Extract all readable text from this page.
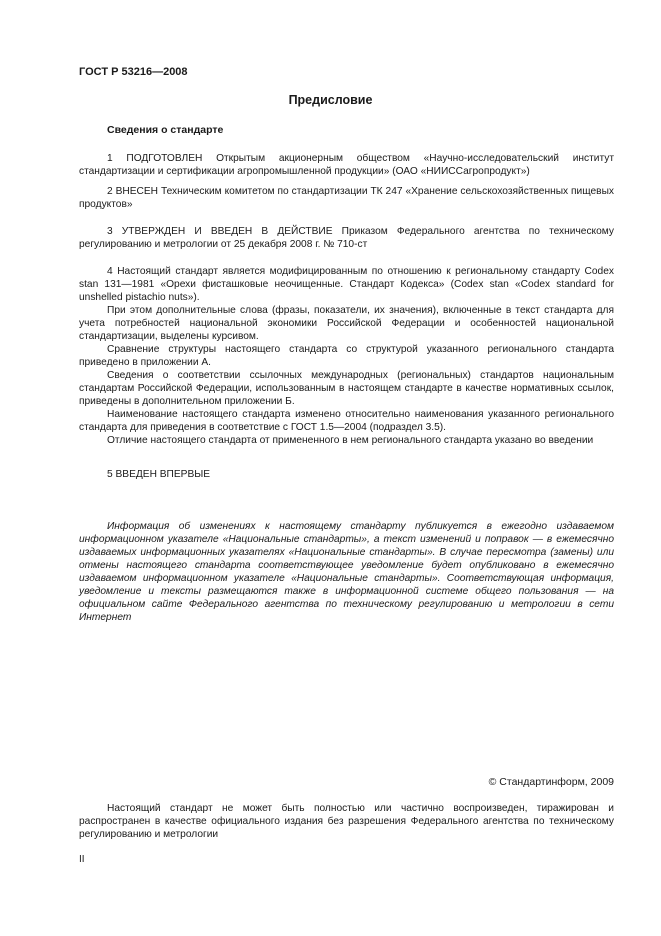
ГОСТ Р 53216—2008
Предисловие
Сведения о стандарте

1 ПОДГОТОВЛЕН Открытым акционерным обществом «Научно-исследовательский институт стандартизации и сертификации агропромышленной продукции» (ОАО «НИИССагропродукт»)

2 ВНЕСЕН Техническим комитетом по стандартизации ТК 247 «Хранение сельскохозяйственных пищевых продуктов»

3 УТВЕРЖДЕН И ВВЕДЕН В ДЕЙСТВИЕ Приказом Федерального агентства по техническому регулированию и метрологии от 25 декабря 2008 г. № 710-ст

4 Настоящий стандарт является модифицированным по отношению к региональному стандарту Codex stan 131—1981 «Орехи фисташковые неочищенные. Стандарт Кодекса» (Codex stan «Codex standard for unshelled pistachio nuts»).

При этом дополнительные слова (фразы, показатели, их значения), включенные в текст стандарта для учета потребностей национальной экономики Российской Федерации и особенностей национальной стандартизации, выделены курсивом.

Сравнение структуры настоящего стандарта со структурой указанного регионального стандарта приведено в приложении А.

Сведения о соответствии ссылочных международных (региональных) стандартов национальным стандартам Российской Федерации, использованным в настоящем стандарте в качестве нормативных ссылок, приведены в дополнительном приложении Б.

Наименование настоящего стандарта изменено относительно наименования указанного регионального стандарта для приведения в соответствие с ГОСТ 1.5—2004 (подраздел 3.5).

Отличие настоящего стандарта от примененного в нем регионального стандарта указано во введении

5 ВВЕДЕН ВПЕРВЫЕ

Информация об изменениях к настоящему стандарту публикуется в ежегодно издаваемом информационном указателе «Национальные стандарты», а текст изменений и поправок — в ежемесячно издаваемых информационных указателях «Национальные стандарты». В случае пересмотра (замены) или отмены настоящего стандарта соответствующее уведомление будет опубликовано в ежемесячно издаваемом информационном указателе «Национальные стандарты». Соответствующая информация, уведомление и тексты размещаются также в информационной системе общего пользования — на официальном сайте Федерального агентства по техническому регулированию и метрологии в сети Интернет

© Стандартинформ, 2009

Настоящий стандарт не может быть полностью или частично воспроизведен, тиражирован и распространен в качестве официального издания без разрешения Федерального агентства по техническому регулированию и метрологии

II
